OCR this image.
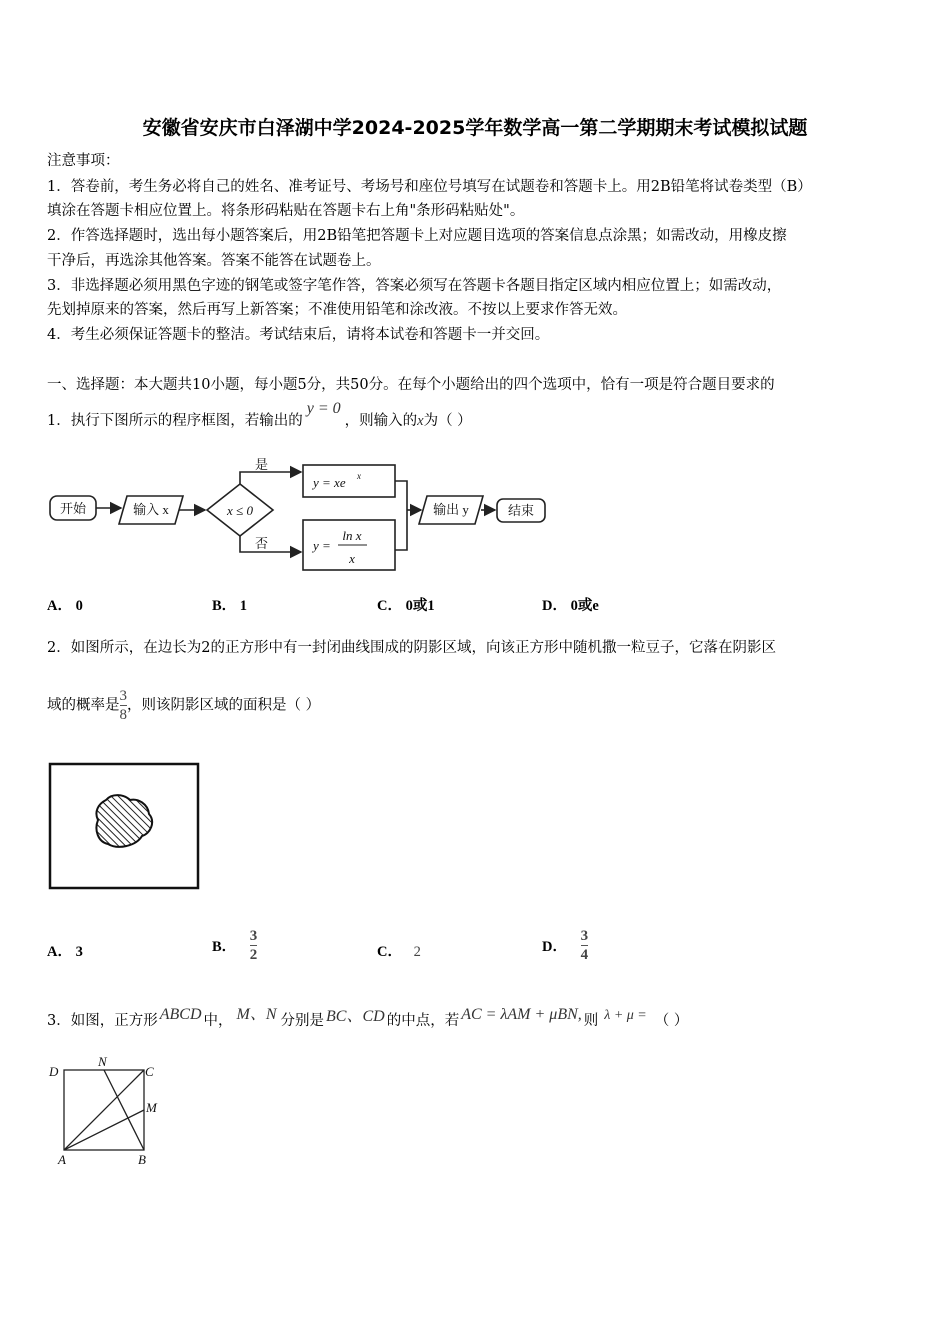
安徽省安庆市白泽湖中学2024-2025学年数学高一第二学期期末考试模拟试题
注意事项：
1．答卷前，考生务必将自己的姓名、准考证号、考场号和座位号填写在试题卷和答题卡上。用2B铅笔将试卷类型（B）
填涂在答题卡相应位置上。将条形码粘贴在答题卡右上角"条形码粘贴处"。
2．作答选择题时，选出每小题答案后，用2B铅笔把答题卡上对应题目选项的答案信息点涂黑；如需改动，用橡皮擦
干净后，再选涂其他答案。答案不能答在试题卷上。
3．非选择题必须用黑色字迹的钢笔或签字笔作答，答案必须写在答题卡各题目指定区域内相应位置上；如需改动，
先划掉原来的答案，然后再写上新答案；不准使用铅笔和涂改液。不按以上要求作答无效。
4．考生必须保证答题卡的整洁。考试结束后，请将本试卷和答题卡一并交回。
一、选择题：本大题共10小题，每小题5分，共50分。在每个小题给出的四个选项中，恰有一项是符合题目要求的
1．执行下图所示的程序框图，若输出的y = 0，则输入的x为（ ）
开始	输入 x	x ≤ 0
是
否
y = xe x
y =
ln x
x
输出 y	结束
A． 0	B． 1	C． 0或1	D． 0或e
2．如图所示，在边长为2的正方形中有一封闭曲线围成的阴影区域，向该正方形中随机撒一粒豆子，它落在阴影区
域的概率是 $\frac{3}{8}$ ，则该阴影区域的面积是（ ）
A． 3	B． $\frac{3}{2}$	C． 2	D． $\frac{3}{4}$
3．如图，正方形 ABCD 中， M、N 分别是 BC、CD 的中点，若 AC = λAM + μBN, 则 λ + μ = （ ）
D
N
C
M
A	B
